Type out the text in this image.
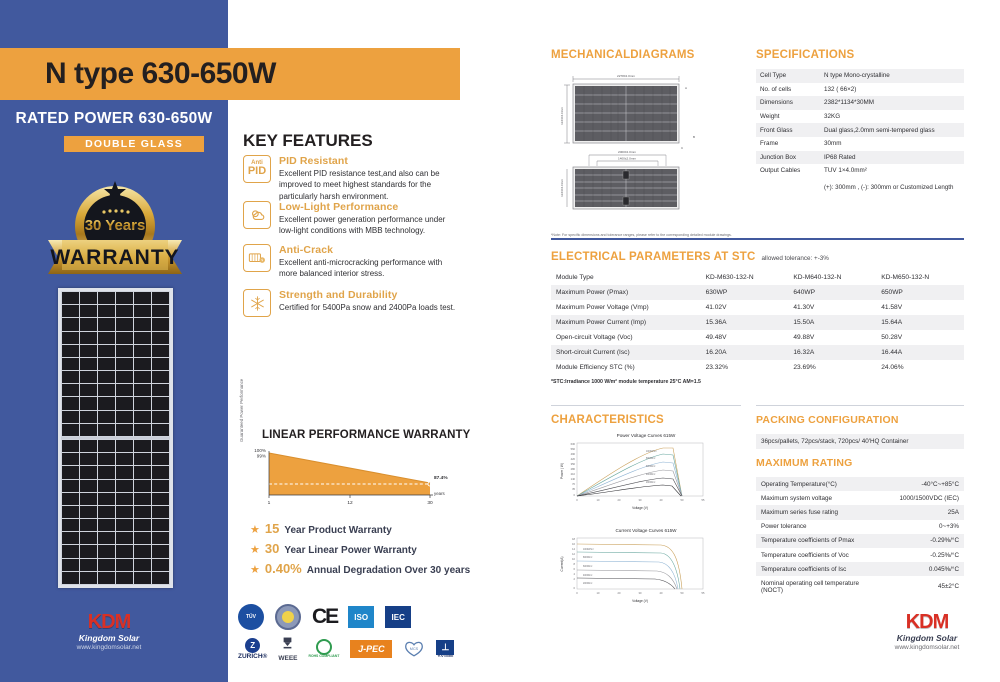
N type 630-650W
RATED POWER 630-650W
DOUBLE GLASS
30 Years
WARRANTY
KDM
Kingdom Solar
www.kingdomsolar.net
KEY FEATURES
Anti
PID
PID Resistant
Excellent PID resistance test,and also can be improved to meet highest standards for the particularly harsh environment.
Low-Light Performance
Excellent power generation performance under low-light conditions with MBB technology.
Anti-Crack
Excellent anti-microcracking performance with more balanced interior stress.
Strength and Durability
Certified for 5400Pa snow and 2400Pa loads test.
LINEAR PERFORMANCE WARRANTY
Guaranteed Power Performance
100%
99%
87.4%
years
1	12	30
★ 15 Year Product Warranty
★ 30 Year Linear Power Warranty
★ 0.40% Annual Degradation Over 30 years
TÜV	CE	ISO	IEC
Z
ZURICH® WEEE	ROHS COMPLIANT
J-PEC	MCS	⊥
TÜV NORD
MECHANICALDIAGRAMS
2278±2.0mm
1134±2.0mm
A
B
C
2000±2.0mm
1400±2.0mm
1134±2.0mm
*Note: For specific dimensions and tolerance ranges, please refer to the corresponding detailed module drawings.
SPECIFICATIONS
Cell Type	N type Mono-crystalline
No. of cells	132 ( 66×2)
Dimensions	2382*1134*30MM
Weight	32KG
Front Glass	Dual glass,2.0mm semi-tempered glass
Frame	30mm
Junction Box	IP68 Rated
Output Cables	TUV 1×4.0mm²
(+): 300mm , (-): 300mm or Customized Length
ELECTRICAL PARAMETERS AT STC allowed tolerance: +-3%
Module Type	KD-M630-132-N	KD-M640-132-N	KD-M650-132-N
Maximum Power (Pmax)	630WP	640WP	650WP
Maximum Power Voltage (Vmp)	41.02V	41.30V	41.58V
Maximum Power Current (Imp)	15.36A	15.50A	15.64A
Open-circuit Voltage (Voc)	49.48V	49.88V	50.28V
Short-circuit Current (Isc)	16.20A	16.32A	16.44A
Module Efficiency STC (%)	23.32%	23.69%	24.06%
*STC:Irradiance 1000 W/m² module temperature 25°C AM=1.5
CHARACTERISTICS
Power Voltage Curves 615W
630
560
490
420
350
280
210
140
70
35
0
0	10	20	30	40	50	55
Voltage (V)
Power ( W)
1000W/m²
800W/m²
600W/m²
400W/m²
200W/m²
Current Voltage Curves 615W
18
16
14
12
10
8
6
4
2
0
0	10	20	30	40	50	55
Voltage (V)
Current(A)
1000W/m²
800W/m²
600W/m²
400W/m²
200W/m²
PACKING CONFIGURATION
36pcs/pallets, 72pcs/stack, 720pcs/ 40'HQ Container
MAXIMUM RATING
Operating Temperature(°C)	-40°C~+85°C
Maximum system voltage	1000/1500VDC (IEC)
Maximum series fuse rating	25A
Power tolerance	0~+3%
Temperature coefficients of Pmax	-0.29%/°C
Temperature coefficients of Voc	-0.25%/°C
Temperature coefficients of Isc	0.045%/°C
Nominal operating cell temperature (NOCT)	45±2°C
KDM
Kingdom Solar
www.kingdomsolar.net
